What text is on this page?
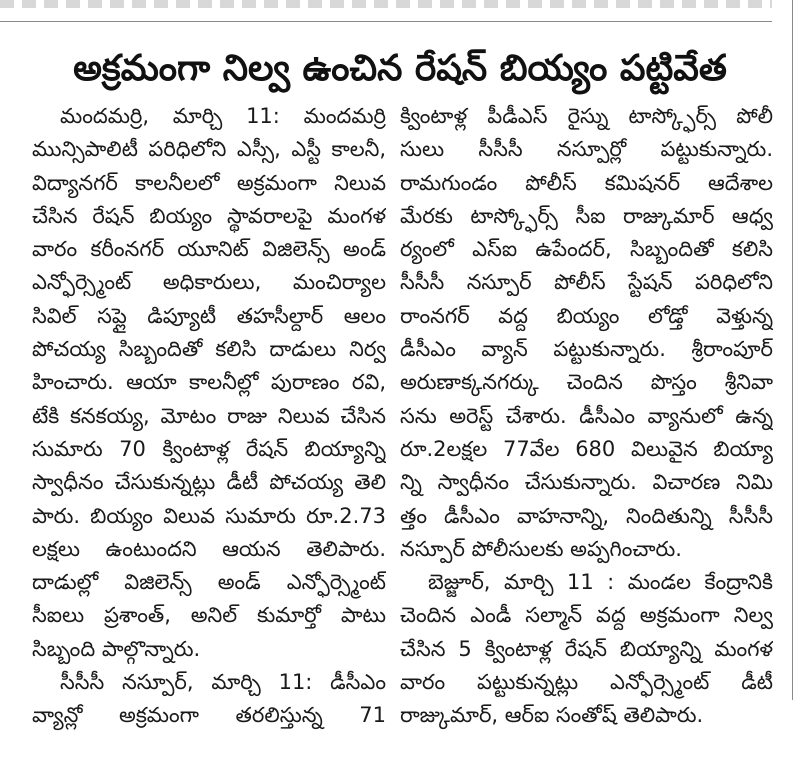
అక్రమంగా నిల్వ ఉంచిన రేషన్ బియ్యం పట్టివేత
మందమర్రి, మార్చి 11: మందమర్రి
మున్సిపాలిటీ పరిధిలోని ఎస్సీ, ఎస్టీ కాలనీ,
విద్యానగర్ కాలనీలలో అక్రమంగా నిలువ
చేసిన రేషన్ బియ్యం స్థావరాలపై మంగళ
వారం కరీంనగర్ యూనిట్ విజిలెన్స్ అండ్
ఎన్ఫోర్స్మెంట్ అధికారులు, మంచిర్యాల
సివిల్ సప్లై డిప్యూటీ తహసీల్దార్ ఆలం
పోచయ్య సిబ్బందితో కలిసి దాడులు నిర్వ
హించారు. ఆయా కాలనీల్లో పురాణం రవి,
టేకి కనకయ్య, మోటం రాజు నిలువ చేసిన
సుమారు 70 క్వింటాళ్ల రేషన్ బియ్యాన్ని
స్వాధీనం చేసుకున్నట్లు డీటీ పోచయ్య తెలి
పారు. బియ్యం విలువ సుమారు రూ.2.73
లక్షలు ఉంటుందని ఆయన తెలిపారు.
దాడుల్లో విజిలెన్స్ అండ్ ఎన్ఫోర్స్మెంట్
సీఐలు ప్రశాంత్, అనిల్ కుమార్తో పాటు
సిబ్బంది పాల్గొన్నారు.
సీసీసీ నస్పూర్, మార్చి 11: డీసీఎం
వ్యాన్లో అక్రమంగా తరలిస్తున్న 71
క్వింటాళ్ల పీడీఎస్ రైస్ను టాస్క్ఫోర్స్ పోలీ
సులు సీసీసీ నస్పూర్లో పట్టుకున్నారు.
రామగుండం పోలీస్ కమిషనర్ ఆదేశాల
మేరకు టాస్క్ఫోర్స్ సీఐ రాజ్కుమార్ ఆధ్వ
ర్యంలో ఎస్ఐ ఉపేందర్, సిబ్బందితో కలిసి
సీసీసీ నస్పూర్ పోలీస్ స్టేషన్ పరిధిలోని
రాంనగర్ వద్ద బియ్యం లోడ్తో వెళ్తున్న
డీసీఎం వ్యాన్ పట్టుకున్నారు. శ్రీరాంపూర్
అరుణాక్కనగర్కు చెందిన పొస్తం శ్రీనివా
సను అరెస్ట్ చేశారు. డీసీఎం వ్యానులో ఉన్న
రూ.2లక్షల 77వేల 680 విలువైన బియ్యా
న్ని స్వాధీనం చేసుకున్నారు. విచారణ నిమి
త్తం డీసీఎం వాహనాన్ని, నిందితున్ని సీసీసీ
నస్పూర్ పోలీసులకు అప్పగించారు.
బెజ్జూర్, మార్చి 11 : మండల కేంద్రానికి
చెందిన ఎండీ సల్మాన్ వద్ద అక్రమంగా నిల్వ
చేసిన 5 క్వింటాళ్ల రేషన్ బియ్యాన్ని మంగళ
వారం పట్టుకున్నట్లు ఎన్ఫోర్స్మెంట్ డీటీ
రాజ్కుమార్, ఆర్ఐ సంతోష్ తెలిపారు.
